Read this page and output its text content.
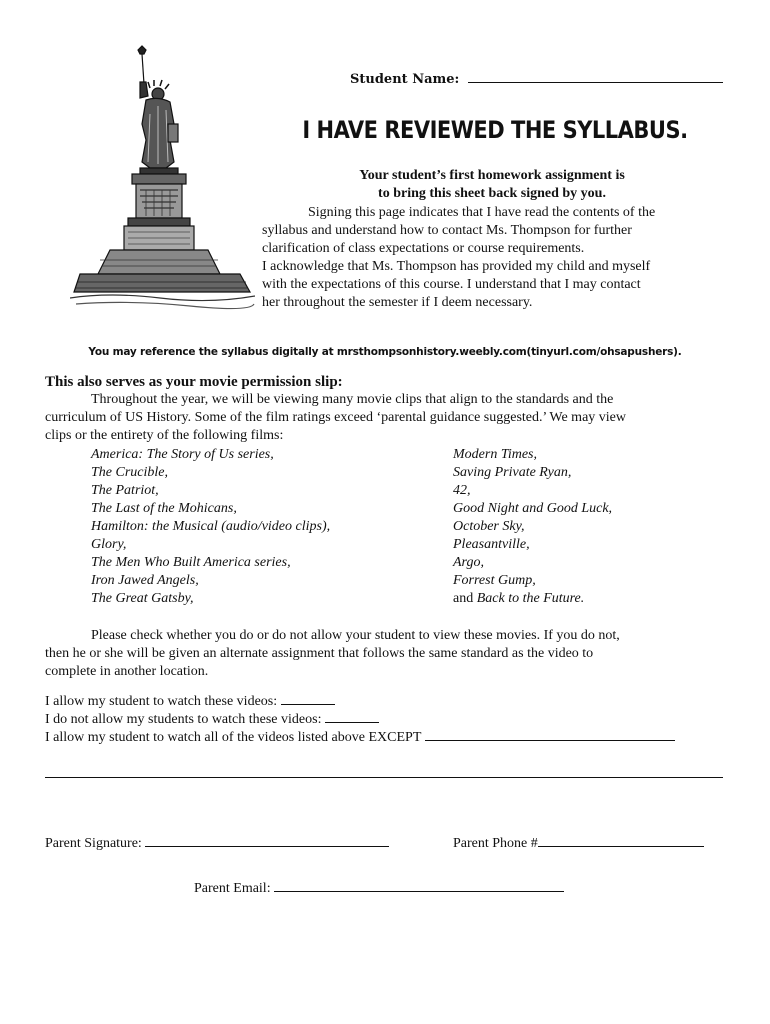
Student Name:
I HAVE REVIEWED THE SYLLABUS.
Your student’s first homework assignment is
to bring this sheet back signed by you.
Signing this page indicates that I have read the contents of the
syllabus and understand how to contact Ms. Thompson for further
clarification of class expectations or course requirements.
I acknowledge that Ms. Thompson has provided my child and myself
with the expectations of this course. I understand that I may contact
her throughout the semester if I deem necessary.
You may reference the syllabus digitally at mrsthompsonhistory.weebly.com(tinyurl.com/ohsapushers).
This also serves as your movie permission slip:
Throughout the year, we will be viewing many movie clips that align to the standards and the
curriculum of US History. Some of the film ratings exceed ‘parental guidance suggested.’ We may view
clips or the entirety of the following films:
America: The Story of Us series,
The Crucible,
The Patriot,
The Last of the Mohicans,
Hamilton: the Musical (audio/video clips),
Glory,
The Men Who Built America series,
Iron Jawed Angels,
The Great Gatsby,
Modern Times,
Saving Private Ryan,
42,
Good Night and Good Luck,
October Sky,
Pleasantville,
Argo,
Forrest Gump,
and Back to the Future.
Please check whether you do or do not allow your student to view these movies. If you do not,
then he or she will be given an alternate assignment that follows the same standard as the video to
complete in another location.
I allow my student to watch these videos:
I do not allow my students to watch these videos:
I allow my student to watch all of the videos listed above EXCEPT
Parent Signature:	Parent Phone #
Parent Email:
